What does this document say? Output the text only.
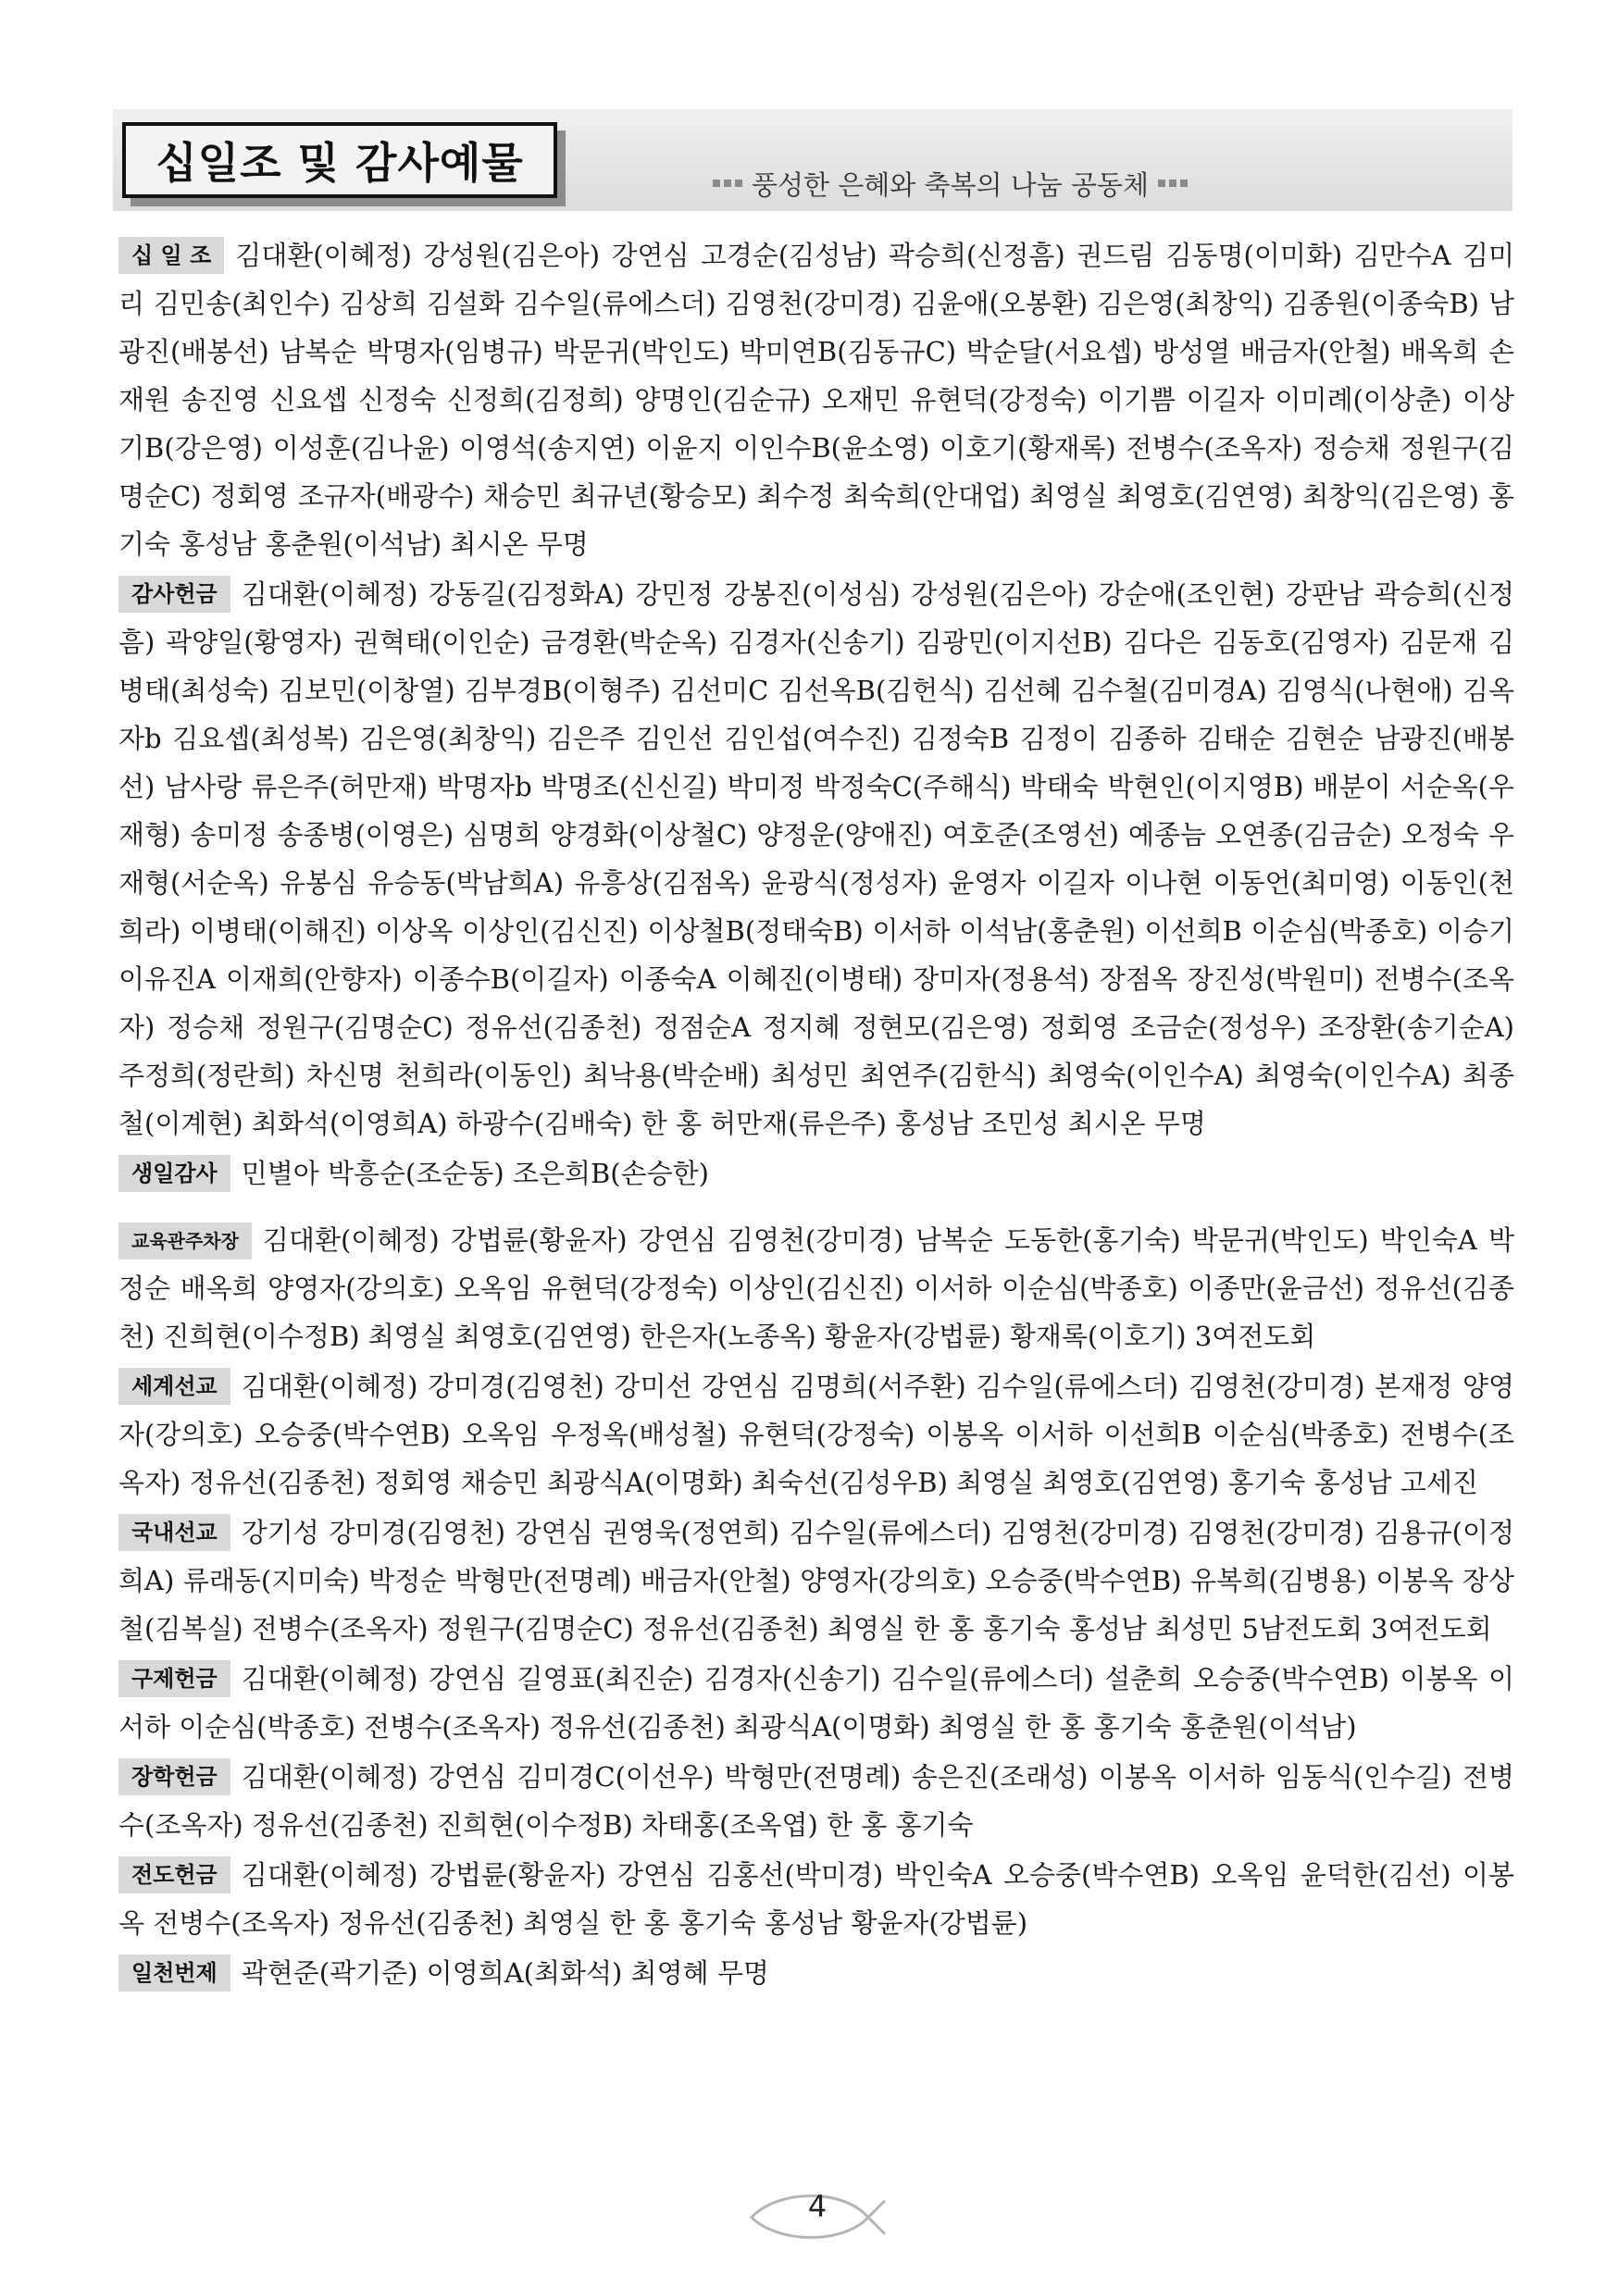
십일조 및 감사예물	풍성한 은혜와 축복의 나눔 공동체
십 일 조 김대환(이혜정) 강성원(김은아) 강연심 고경순(김성남) 곽승희(신정흠) 권드림 김동명(이미화) 김만수A 김미리 김민송(최인수) 김상희 김설화 김수일(류에스더) 김영천(강미경) 김윤애(오봉환) 김은영(최창익) 김종원(이종숙B) 남광진(배봉선) 남복순 박명자(임병규) 박문귀(박인도) 박미연B(김동규C) 박순달(서요셉) 방성열 배금자(안철) 배옥희 손재원 송진영 신요셉 신정숙 신정희(김정희) 양명인(김순규) 오재민 유현덕(강정숙) 이기쁨 이길자 이미례(이상춘) 이상기B(강은영) 이성훈(김나윤) 이영석(송지연) 이윤지 이인수B(윤소영) 이호기(황재록) 전병수(조옥자) 정승채 정원구(김명순C) 정회영 조규자(배광수) 채승민 최규년(황승모) 최수정 최숙희(안대업) 최영실 최영호(김연영) 최창익(김은영) 홍기숙 홍성남 홍춘원(이석남) 최시온 무명
감사헌금 김대환(이혜정) 강동길(김정화A) 강민정 강봉진(이성심) 강성원(김은아) 강순애(조인현) 강판남 곽승희(신정흠) 곽양일(황영자) 권혁태(이인순) 금경환(박순옥) 김경자(신송기) 김광민(이지선B) 김다은 김동호(김영자) 김문재 김병태(최성숙) 김보민(이창열) 김부경B(이형주) 김선미C 김선옥B(김헌식) 김선혜 김수철(김미경A) 김영식(나현애) 김옥자b 김요셉(최성복) 김은영(최창익) 김은주 김인선 김인섭(여수진) 김정숙B 김정이 김종하 김태순 김현순 남광진(배봉선) 남사랑 류은주(허만재) 박명자b 박명조(신신길) 박미정 박정숙C(주해식) 박태숙 박현인(이지영B) 배분이 서순옥(우재형) 송미정 송종병(이영은) 심명희 양경화(이상철C) 양정운(양애진) 여호준(조영선) 예종늠 오연종(김금순) 오정숙 우재형(서순옥) 유봉심 유승동(박남희A) 유흥상(김점옥) 윤광식(정성자) 윤영자 이길자 이나현 이동언(최미영) 이동인(천희라) 이병태(이해진) 이상옥 이상인(김신진) 이상철B(정태숙B) 이서하 이석남(홍춘원) 이선희B 이순심(박종호) 이승기 이유진A 이재희(안향자) 이종수B(이길자) 이종숙A 이혜진(이병태) 장미자(정용석) 장점옥 장진성(박원미) 전병수(조옥자) 정승채 정원구(김명순C) 정유선(김종천) 정점순A 정지혜 정현모(김은영) 정회영 조금순(정성우) 조장환(송기순A) 주정희(정란희) 차신명 천희라(이동인) 최낙용(박순배) 최성민 최연주(김한식) 최영숙(이인수A) 최영숙(이인수A) 최종철(이계현) 최화석(이영희A) 하광수(김배숙) 한 홍 허만재(류은주) 홍성남 조민성 최시온 무명
생일감사 민별아 박흥순(조순동) 조은희B(손승한)
교육관주차장 김대환(이혜정) 강법륜(황윤자) 강연심 김영천(강미경) 남복순 도동한(홍기숙) 박문귀(박인도) 박인숙A 박정순 배옥희 양영자(강의호) 오옥임 유현덕(강정숙) 이상인(김신진) 이서하 이순심(박종호) 이종만(윤금선) 정유선(김종천) 진희현(이수정B) 최영실 최영호(김연영) 한은자(노종옥) 황윤자(강법륜) 황재록(이호기) 3여전도회
세계선교 김대환(이혜정) 강미경(김영천) 강미선 강연심 김명희(서주환) 김수일(류에스더) 김영천(강미경) 본재정 양영자(강의호) 오승중(박수연B) 오옥임 우정옥(배성철) 유현덕(강정숙) 이봉옥 이서하 이선희B 이순심(박종호) 전병수(조옥자) 정유선(김종천) 정회영 채승민 최광식A(이명화) 최숙선(김성우B) 최영실 최영호(김연영) 홍기숙 홍성남 고세진
국내선교 강기성 강미경(김영천) 강연심 권영욱(정연희) 김수일(류에스더) 김영천(강미경) 김영천(강미경) 김용규(이정희A) 류래동(지미숙) 박정순 박형만(전명례) 배금자(안철) 양영자(강의호) 오승중(박수연B) 유복희(김병용) 이봉옥 장상철(김복실) 전병수(조옥자) 정원구(김명순C) 정유선(김종천) 최영실 한 홍 홍기숙 홍성남 최성민 5남전도회 3여전도회
구제헌금 김대환(이혜정) 강연심 길영표(최진순) 김경자(신송기) 김수일(류에스더) 설춘희 오승중(박수연B) 이봉옥 이서하 이순심(박종호) 전병수(조옥자) 정유선(김종천) 최광식A(이명화) 최영실 한 홍 홍기숙 홍춘원(이석남)
장학헌금 김대환(이혜정) 강연심 김미경C(이선우) 박형만(전명례) 송은진(조래성) 이봉옥 이서하 임동식(인수길) 전병수(조옥자) 정유선(김종천) 진희현(이수정B) 차태홍(조옥엽) 한 홍 홍기숙
전도헌금 김대환(이혜정) 강법륜(황윤자) 강연심 김홍선(박미경) 박인숙A 오승중(박수연B) 오옥임 윤덕한(김선) 이봉옥 전병수(조옥자) 정유선(김종천) 최영실 한 홍 홍기숙 홍성남 황윤자(강법륜)
일천번제 곽현준(곽기준) 이영희A(최화석) 최영혜 무명
4
